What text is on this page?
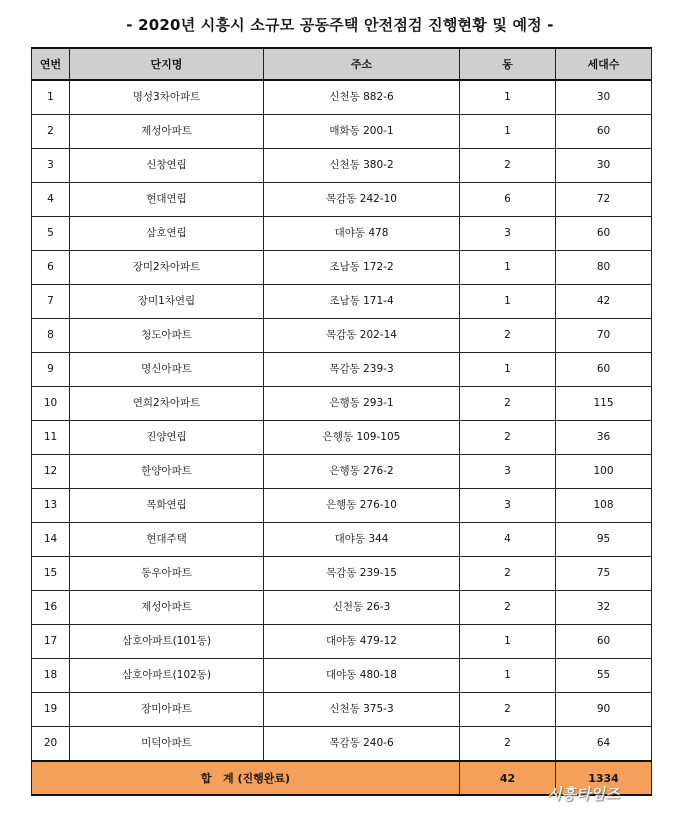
- 2020년 시흥시 소규모 공동주택 안전점검 진행현황 및 예정 -
연번	단지명	주소	동	세대수
1	명성3차아파트	신천동 882-6	1	30
2	제성아파트	매화동 200-1	1	60
3	신창연립	신천동 380-2	2	30
4	현대연립	목감동 242-10	6	72
5	삼호연립	대야동 478	3	60
6	장미2차아파트	조남동 172-2	1	80
7	장미1차연립	조남동 171-4	1	42
8	청도아파트	목감동 202-14	2	70
9	명신아파트	목감동 239-3	1	60
10	연희2차아파트	은행동 293-1	2	115
11	진양연립	은행동 109-105	2	36
12	한양아파트	은행동 276-2	3	100
13	목화연립	은행동 276-10	3	108
14	현대주택	대야동 344	4	95
15	동우아파트	목감동 239-15	2	75
16	제성아파트	신천동 26-3	2	32
17	삼호아파트(101동)	대야동 479-12	1	60
18	삼호아파트(102동)	대야동 480-18	1	55
19	장미아파트	신천동 375-3	2	90
20	미덕아파트	목감동 240-6	2	64
합   계 (진행완료)			42	1334
시흥타임즈
